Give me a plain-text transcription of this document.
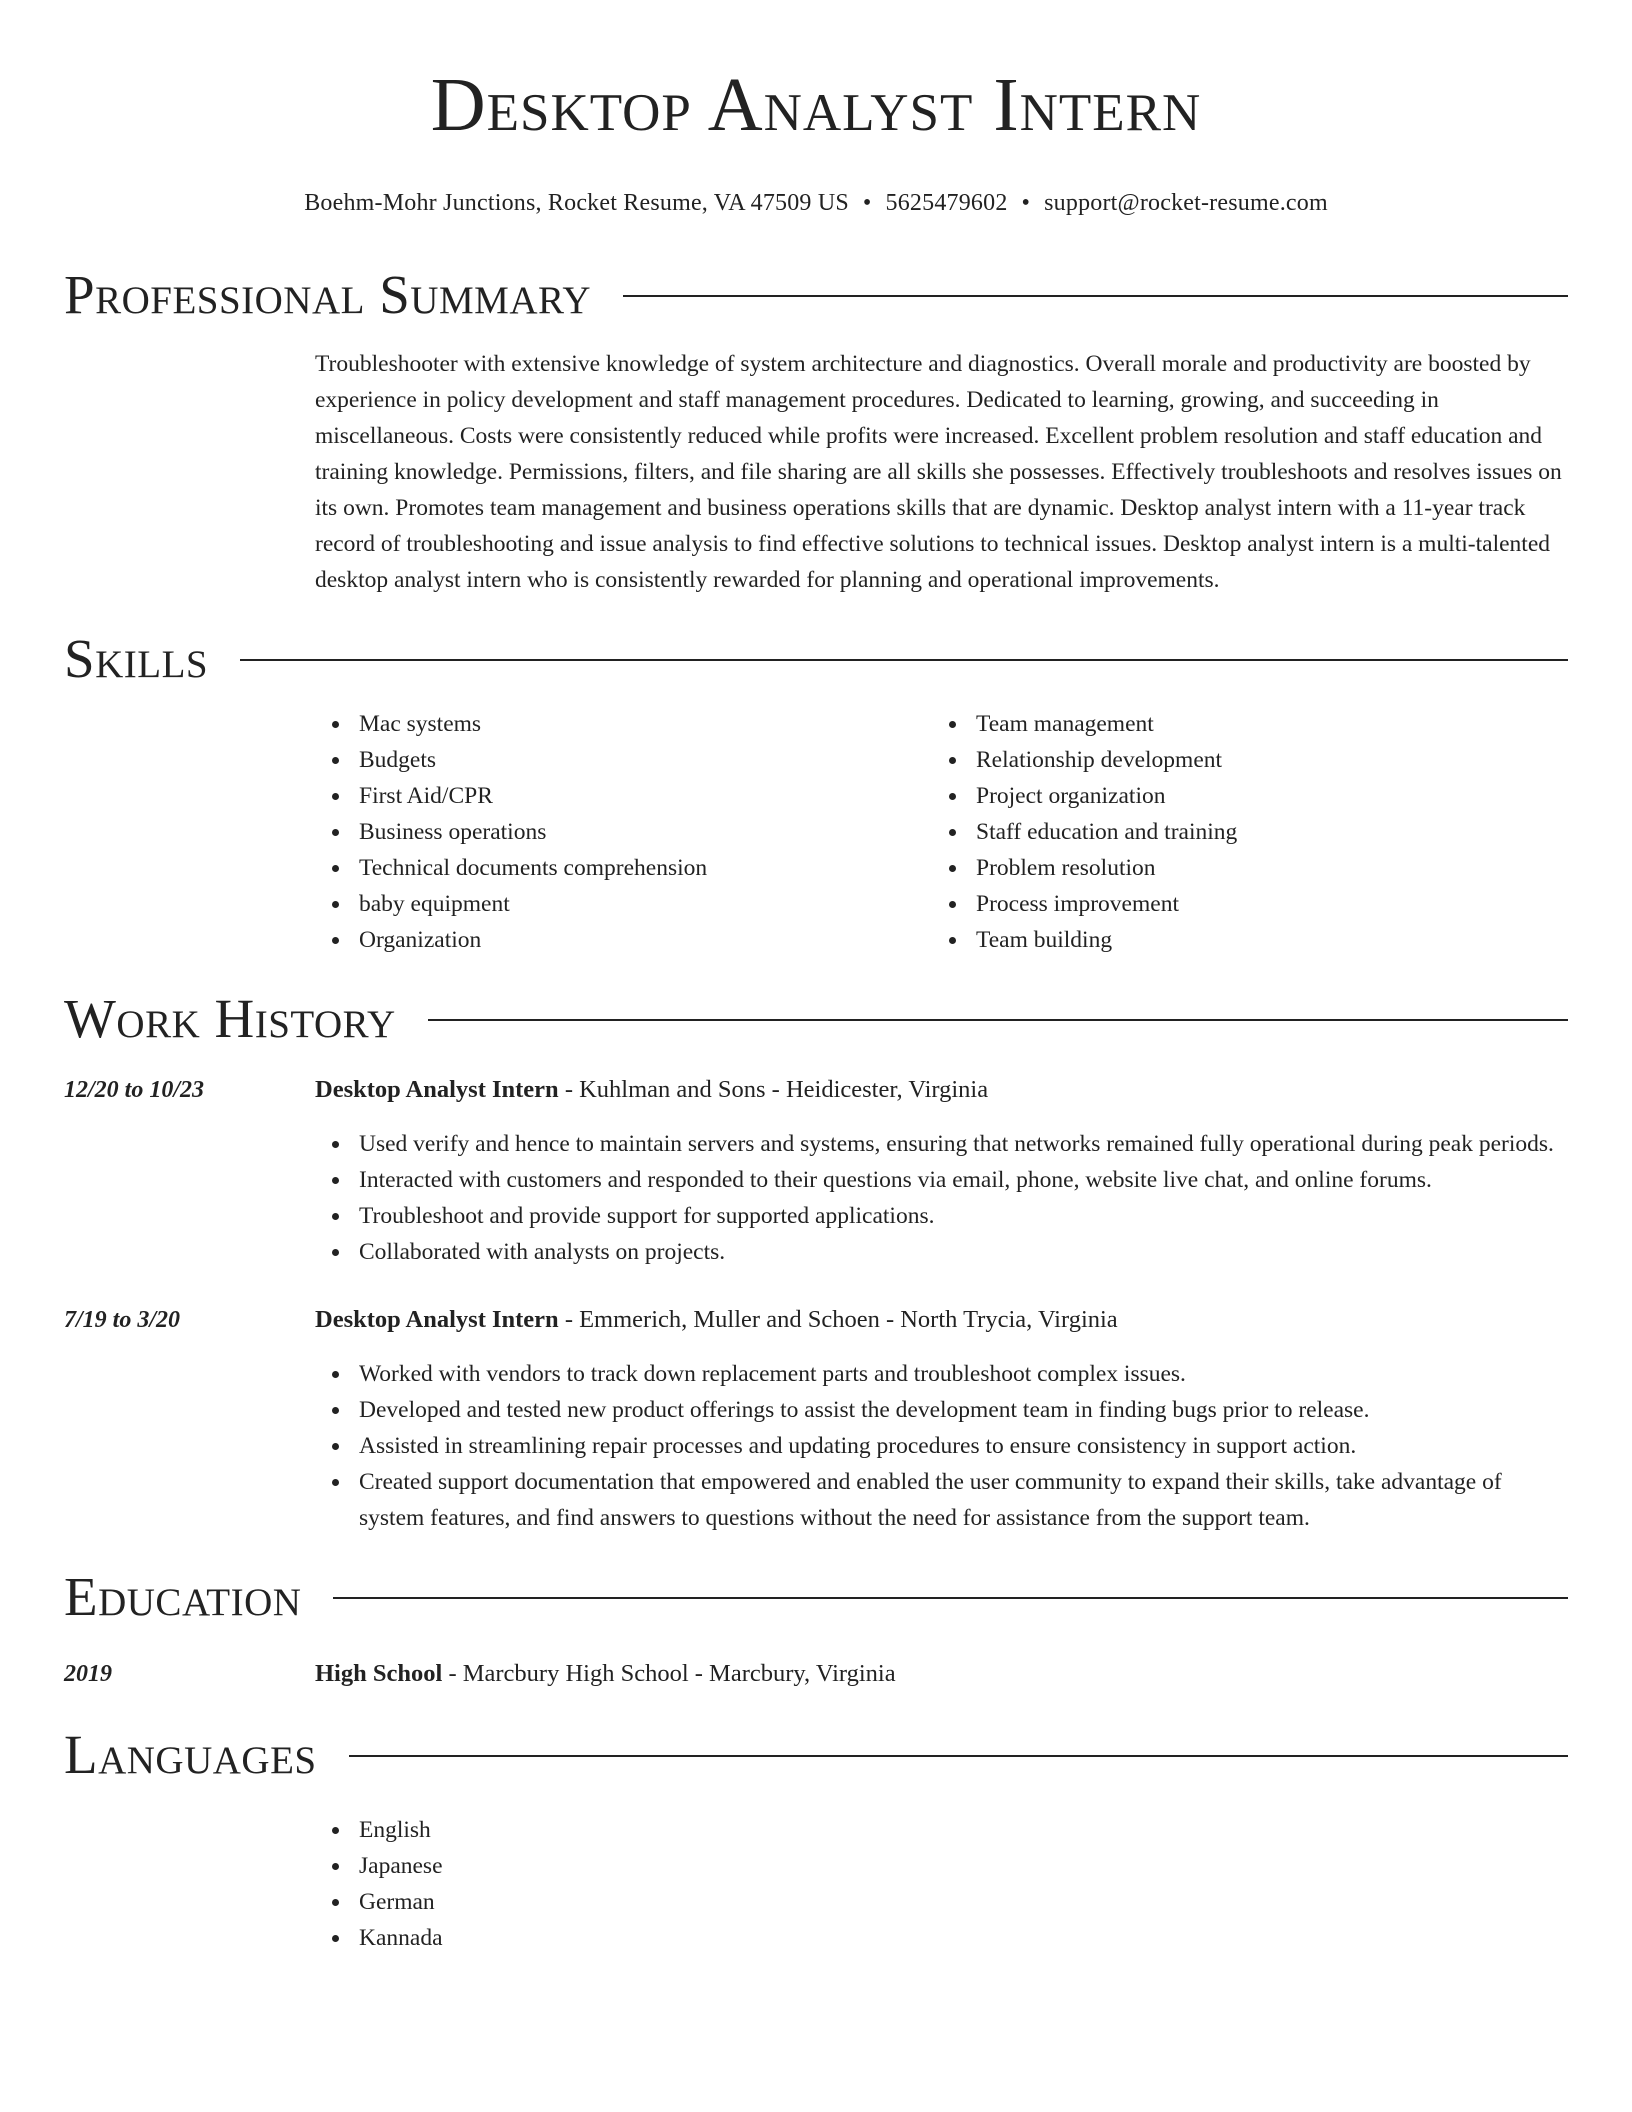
Desktop Analyst Intern
Boehm-Mohr Junctions, Rocket Resume, VA 47509 US • 5625479602 • support@rocket-resume.com
Professional Summary
Troubleshooter with extensive knowledge of system architecture and diagnostics. Overall morale and productivity are boosted by experience in policy development and staff management procedures. Dedicated to learning, growing, and succeeding in miscellaneous. Costs were consistently reduced while profits were increased. Excellent problem resolution and staff education and training knowledge. Permissions, filters, and file sharing are all skills she possesses. Effectively troubleshoots and resolves issues on its own. Promotes team management and business operations skills that are dynamic. Desktop analyst intern with a 11-year track record of troubleshooting and issue analysis to find effective solutions to technical issues. Desktop analyst intern is a multi-talented desktop analyst intern who is consistently rewarded for planning and operational improvements.
Skills
Mac systems
Budgets
First Aid/CPR
Business operations
Technical documents comprehension
baby equipment
Organization
Team management
Relationship development
Project organization
Staff education and training
Problem resolution
Process improvement
Team building
Work History
12/20 to 10/23	Desktop Analyst Intern - Kuhlman and Sons - Heidicester, Virginia
Used verify and hence to maintain servers and systems, ensuring that networks remained fully operational during peak periods.
Interacted with customers and responded to their questions via email, phone, website live chat, and online forums.
Troubleshoot and provide support for supported applications.
Collaborated with analysts on projects.
7/19 to 3/20	Desktop Analyst Intern - Emmerich, Muller and Schoen - North Trycia, Virginia
Worked with vendors to track down replacement parts and troubleshoot complex issues.
Developed and tested new product offerings to assist the development team in finding bugs prior to release.
Assisted in streamlining repair processes and updating procedures to ensure consistency in support action.
Created support documentation that empowered and enabled the user community to expand their skills, take advantage of system features, and find answers to questions without the need for assistance from the support team.
Education
2019	High School - Marcbury High School - Marcbury, Virginia
Languages
English
Japanese
German
Kannada
